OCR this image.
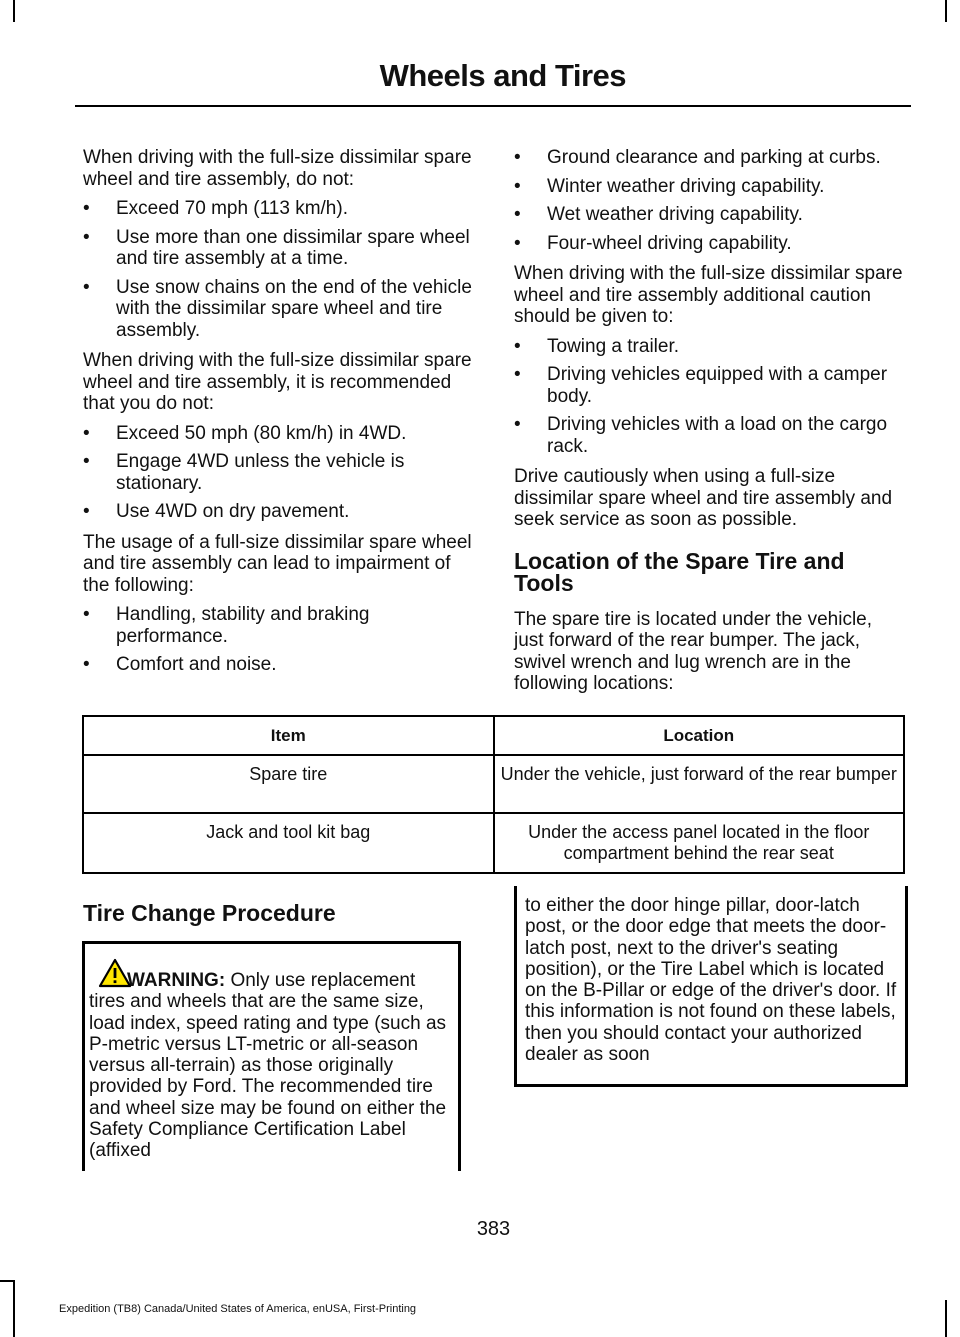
Wheels and Tires

When driving with the full-size dissimilar spare wheel and tire assembly, do not:

• Exceed 70 mph (113 km/h).
• Use more than one dissimilar spare wheel and tire assembly at a time.
• Use snow chains on the end of the vehicle with the dissimilar spare wheel and tire assembly.

When driving with the full-size dissimilar spare wheel and tire assembly, it is recommended that you do not:

• Exceed 50 mph (80 km/h) in 4WD.
• Engage 4WD unless the vehicle is stationary.
• Use 4WD on dry pavement.

The usage of a full-size dissimilar spare wheel and tire assembly can lead to impairment of the following:

• Handling, stability and braking performance.
• Comfort and noise.
• Ground clearance and parking at curbs.
• Winter weather driving capability.
• Wet weather driving capability.
• Four-wheel driving capability.

When driving with the full-size dissimilar spare wheel and tire assembly additional caution should be given to:

• Towing a trailer.
• Driving vehicles equipped with a camper body.
• Driving vehicles with a load on the cargo rack.

Drive cautiously when using a full-size dissimilar spare wheel and tire assembly and seek service as soon as possible.

Location of the Spare Tire and Tools

The spare tire is located under the vehicle, just forward of the rear bumper. The jack, swivel wrench and lug wrench are in the following locations:

Item	Location
Spare tire	Under the vehicle, just forward of the rear bumper
Jack and tool kit bag	Under the access panel located in the floor compartment behind the rear seat
Tire Change Procedure
WARNING: Only use replacement tires and wheels that are the same size, load index, speed rating and type (such as P-metric versus LT-metric or all-season versus all-terrain) as those originally provided by Ford. The recommended tire and wheel size may be found on either the Safety Compliance Certification Label (affixed
to either the door hinge pillar, door-latch post, or the door edge that meets the door-latch post, next to the driver's seating position), or the Tire Label which is located on the B-Pillar or edge of the driver's door. If this information is not found on these labels, then you should contact your authorized dealer as soon
383
Expedition (TB8) Canada/United States of America, enUSA, First-Printing
